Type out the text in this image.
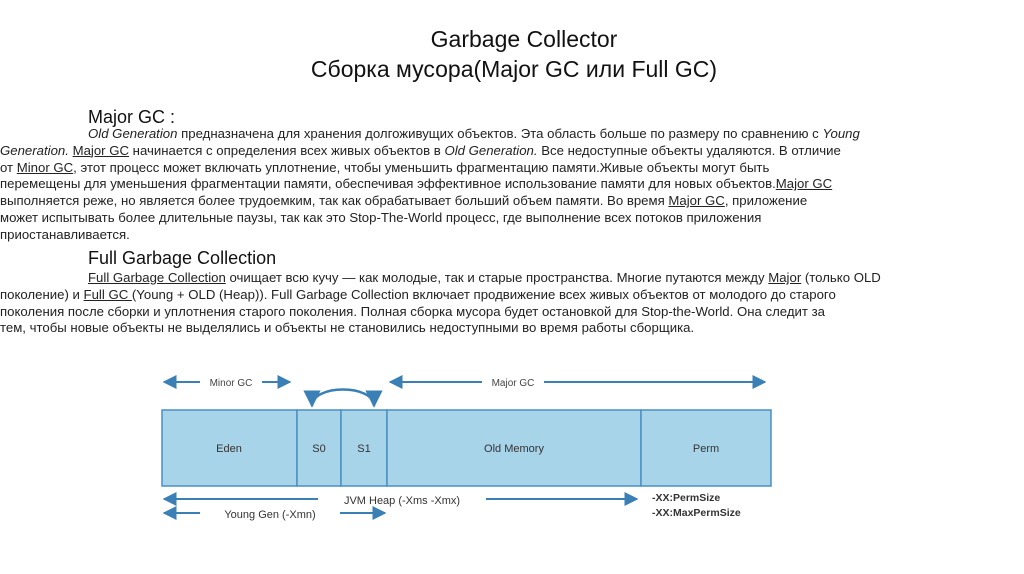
Garbage Collector
Сборка мусора(Major GC или Full GC)
Major GC :
Old Generation предназначена для хранения долгоживущих объектов. Эта область больше по размеру по сравнению с Young
Generation. Major GC начинается с определения всех живых объектов в Old Generation. Все недоступные объекты удаляются. В отличие
от Minor GC, этот процесс может включать уплотнение, чтобы уменьшить фрагментацию памяти.Живые объекты могут быть
перемещены для уменьшения фрагментации памяти, обеспечивая эффективное использование памяти для новых объектов.Major GC
выполняется реже, но является более трудоемким, так как обрабатывает больший объем памяти. Во время Major GC, приложение
может испытывать более длительные паузы, так как это Stop-The-World процесс, где выполнение всех потоков приложения
приостанавливается.
Full Garbage Collection
Full Garbage Collection очищает всю кучу — как молодые, так и старые пространства. Многие путаются между Major (только OLD
поколение) и Full GC (Young + OLD (Heap)). Full Garbage Collection включает продвижение всех живых объектов от молодого до старого
поколения после сборки и уплотнения старого поколения. Полная сборка мусора будет остановкой для Stop-the-World. Она следит за
тем, чтобы новые объекты не выделялись и объекты не становились недоступными во время работы сборщика.
Minor GC	Major GC
Eden	S0	S1	Old Memory	Perm
JVM Heap (-Xms -Xmx)
Young Gen (-Xmn)
-XX:PermSize
-XX:MaxPermSize
